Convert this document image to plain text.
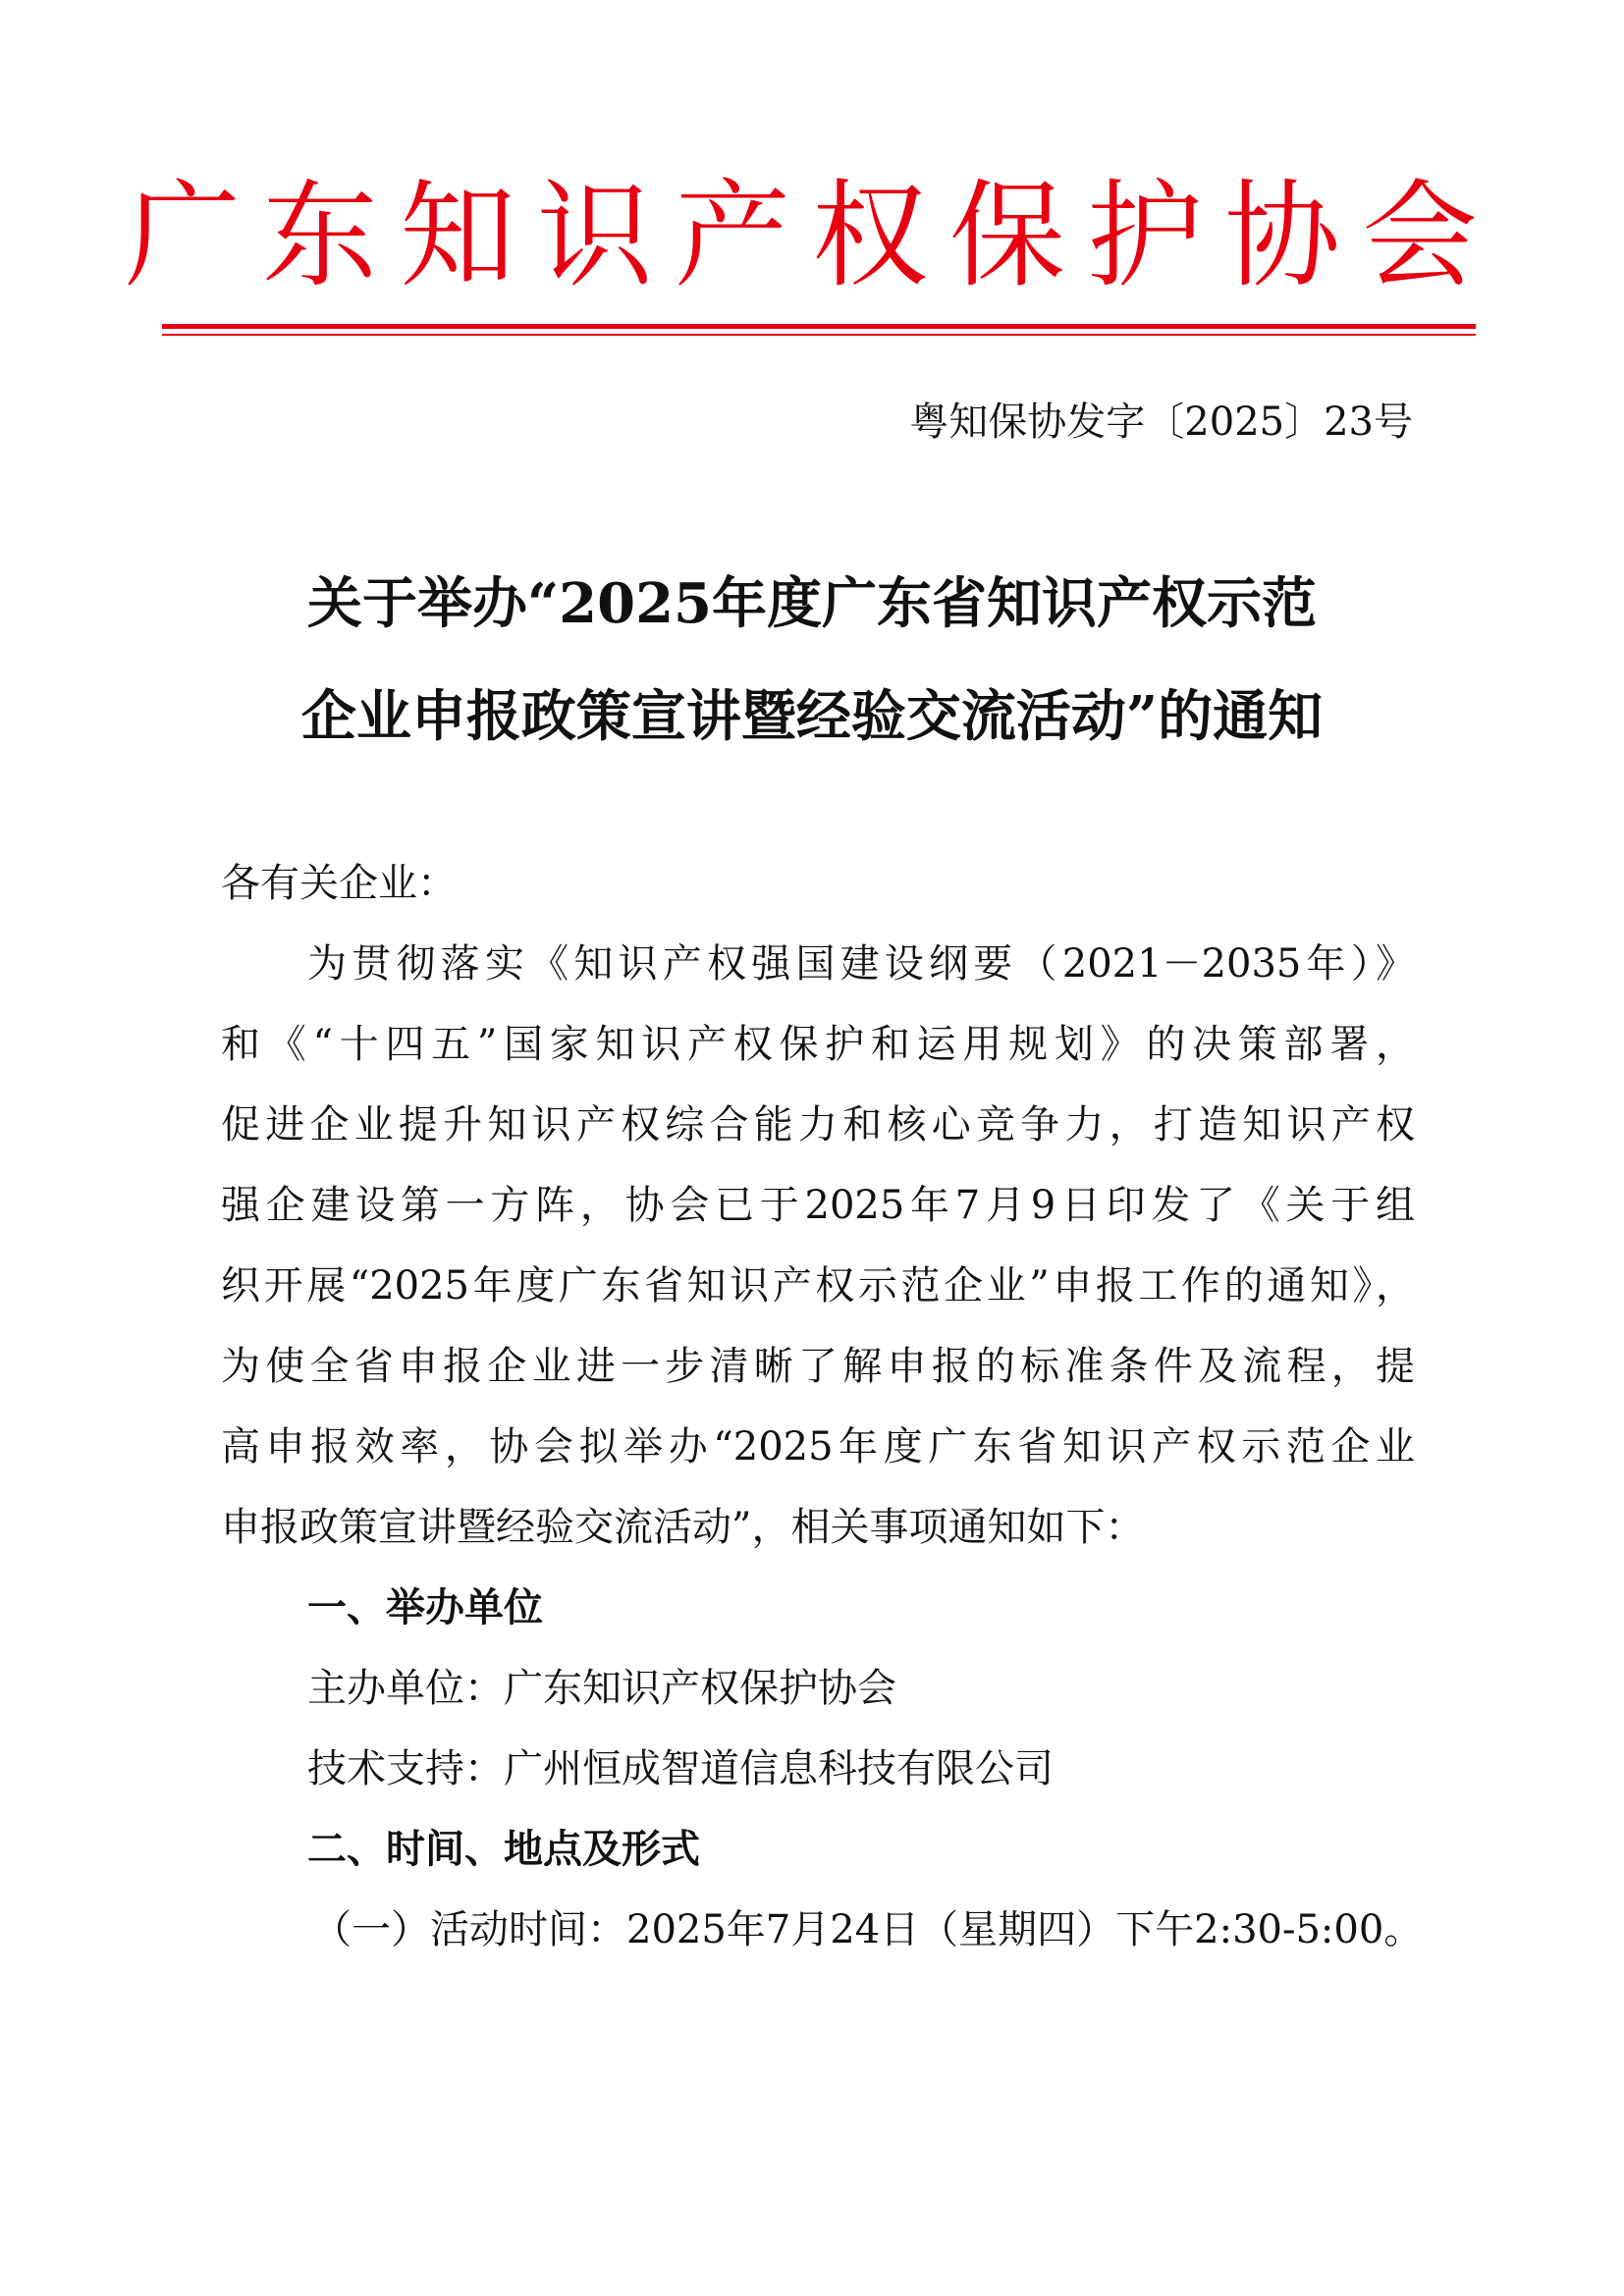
广东知识产权保护协会
粤知保协发字〔2025〕23号
关于举办“2025年度广东省知识产权示范
企业申报政策宣讲暨经验交流活动”的通知
各有关企业：
为贯彻落实《知识产权强国建设纲要（2021－2035年）》
和《“十四五”国家知识产权保护和运用规划》的决策部署，
促进企业提升知识产权综合能力和核心竞争力，打造知识产权
强企建设第一方阵，协会已于2025年7月9日印发了《关于组
织开展“2025年度广东省知识产权示范企业”申报工作的通知》，
为使全省申报企业进一步清晰了解申报的标准条件及流程，提
高申报效率，协会拟举办“2025年度广东省知识产权示范企业
申报政策宣讲暨经验交流活动”，相关事项通知如下：
一、举办单位
主办单位：广东知识产权保护协会
技术支持：广州恒成智道信息科技有限公司
二、时间、地点及形式
（一）活动时间：2025年7月24日（星期四）下午2:30-5:00。
